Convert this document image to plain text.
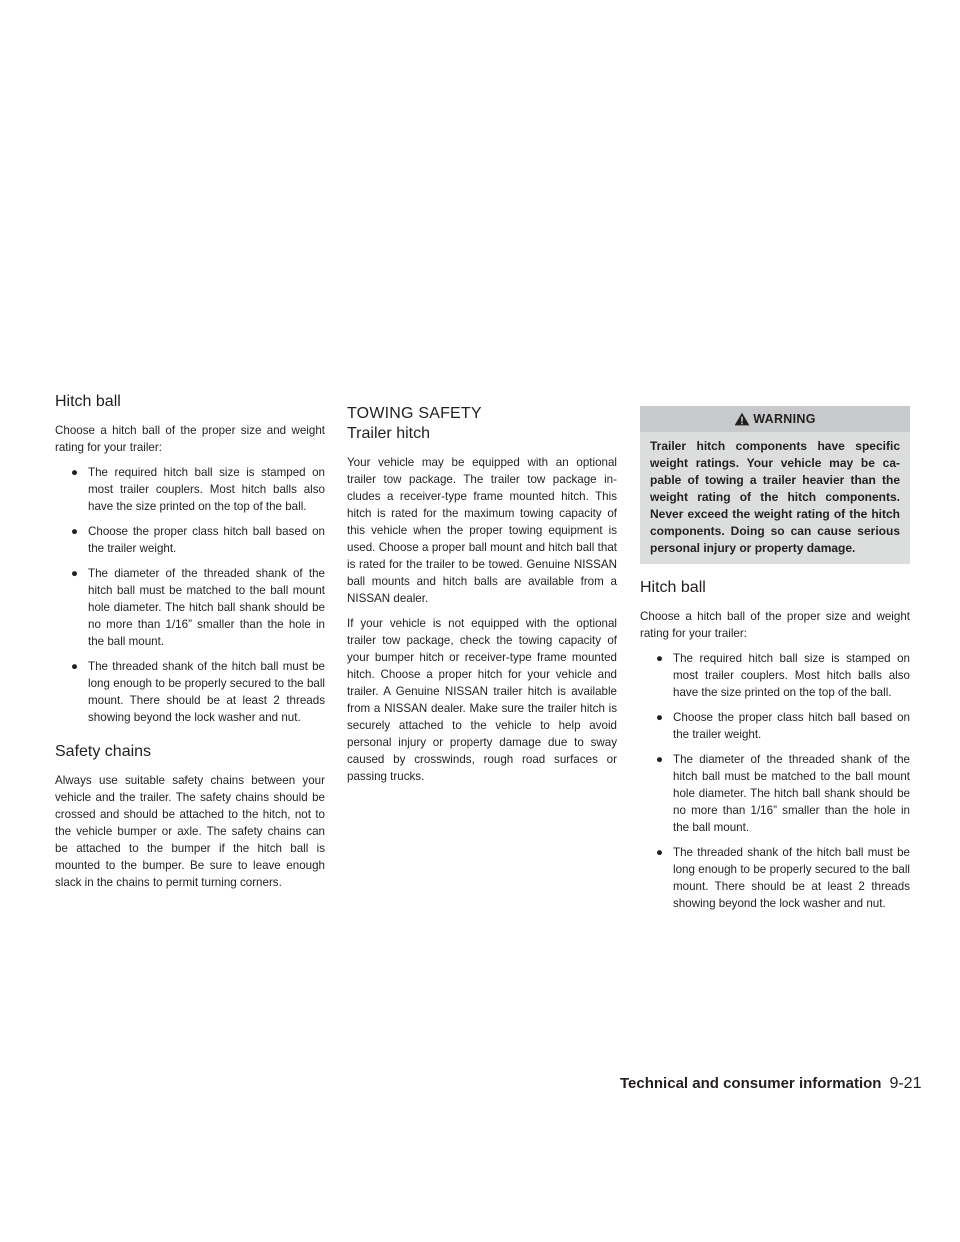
Hitch ball

Choose a hitch ball of the proper size and weight rating for your trailer:

● The required hitch ball size is stamped on most trailer couplers. Most hitch balls also have the size printed on the top of the ball.
● Choose the proper class hitch ball based on the trailer weight.
● The diameter of the threaded shank of the hitch ball must be matched to the ball mount hole diameter. The hitch ball shank should be no more than 1/16” smaller than the hole in the ball mount.
● The threaded shank of the hitch ball must be long enough to be properly secured to the ball mount. There should be at least 2 threads showing beyond the lock washer and nut.
Safety chains

Always use suitable safety chains between your vehicle and the trailer. The safety chains should be crossed and should be attached to the hitch, not to the vehicle bumper or axle. The safety chains can be attached to the bumper if the hitch ball is mounted to the bumper. Be sure to leave enough slack in the chains to permit turning corners.

TOWING SAFETY
Trailer hitch

Your vehicle may be equipped with an optional trailer tow package. The trailer tow package in-cludes a receiver-type frame mounted hitch. This hitch is rated for the maximum towing capacity of this vehicle when the proper towing equipment is used. Choose a proper ball mount and hitch ball that is rated for the trailer to be towed. Genuine NISSAN ball mounts and hitch balls are available from a NISSAN dealer.

If your vehicle is not equipped with the optional trailer tow package, check the towing capacity of your bumper hitch or receiver-type frame mounted hitch. Choose a proper hitch for your vehicle and trailer. A Genuine NISSAN trailer hitch is available from a NISSAN dealer. Make sure the trailer hitch is securely attached to the vehicle to help avoid personal injury or property damage due to sway caused by crosswinds, rough road surfaces or passing trucks.

WARNING
Trailer hitch components have specific weight ratings. Your vehicle may be ca-pable of towing a trailer heavier than the weight rating of the hitch components. Never exceed the weight rating of the hitch components. Doing so can cause serious personal injury or property damage.
Hitch ball

Choose a hitch ball of the proper size and weight rating for your trailer:

● The required hitch ball size is stamped on most trailer couplers. Most hitch balls also have the size printed on the top of the ball.
● Choose the proper class hitch ball based on the trailer weight.
● The diameter of the threaded shank of the hitch ball must be matched to the ball mount hole diameter. The hitch ball shank should be no more than 1/16” smaller than the hole in the ball mount.
● The threaded shank of the hitch ball must be long enough to be properly secured to the ball mount. There should be at least 2 threads showing beyond the lock washer and nut.
Technical and consumer information 9-21
